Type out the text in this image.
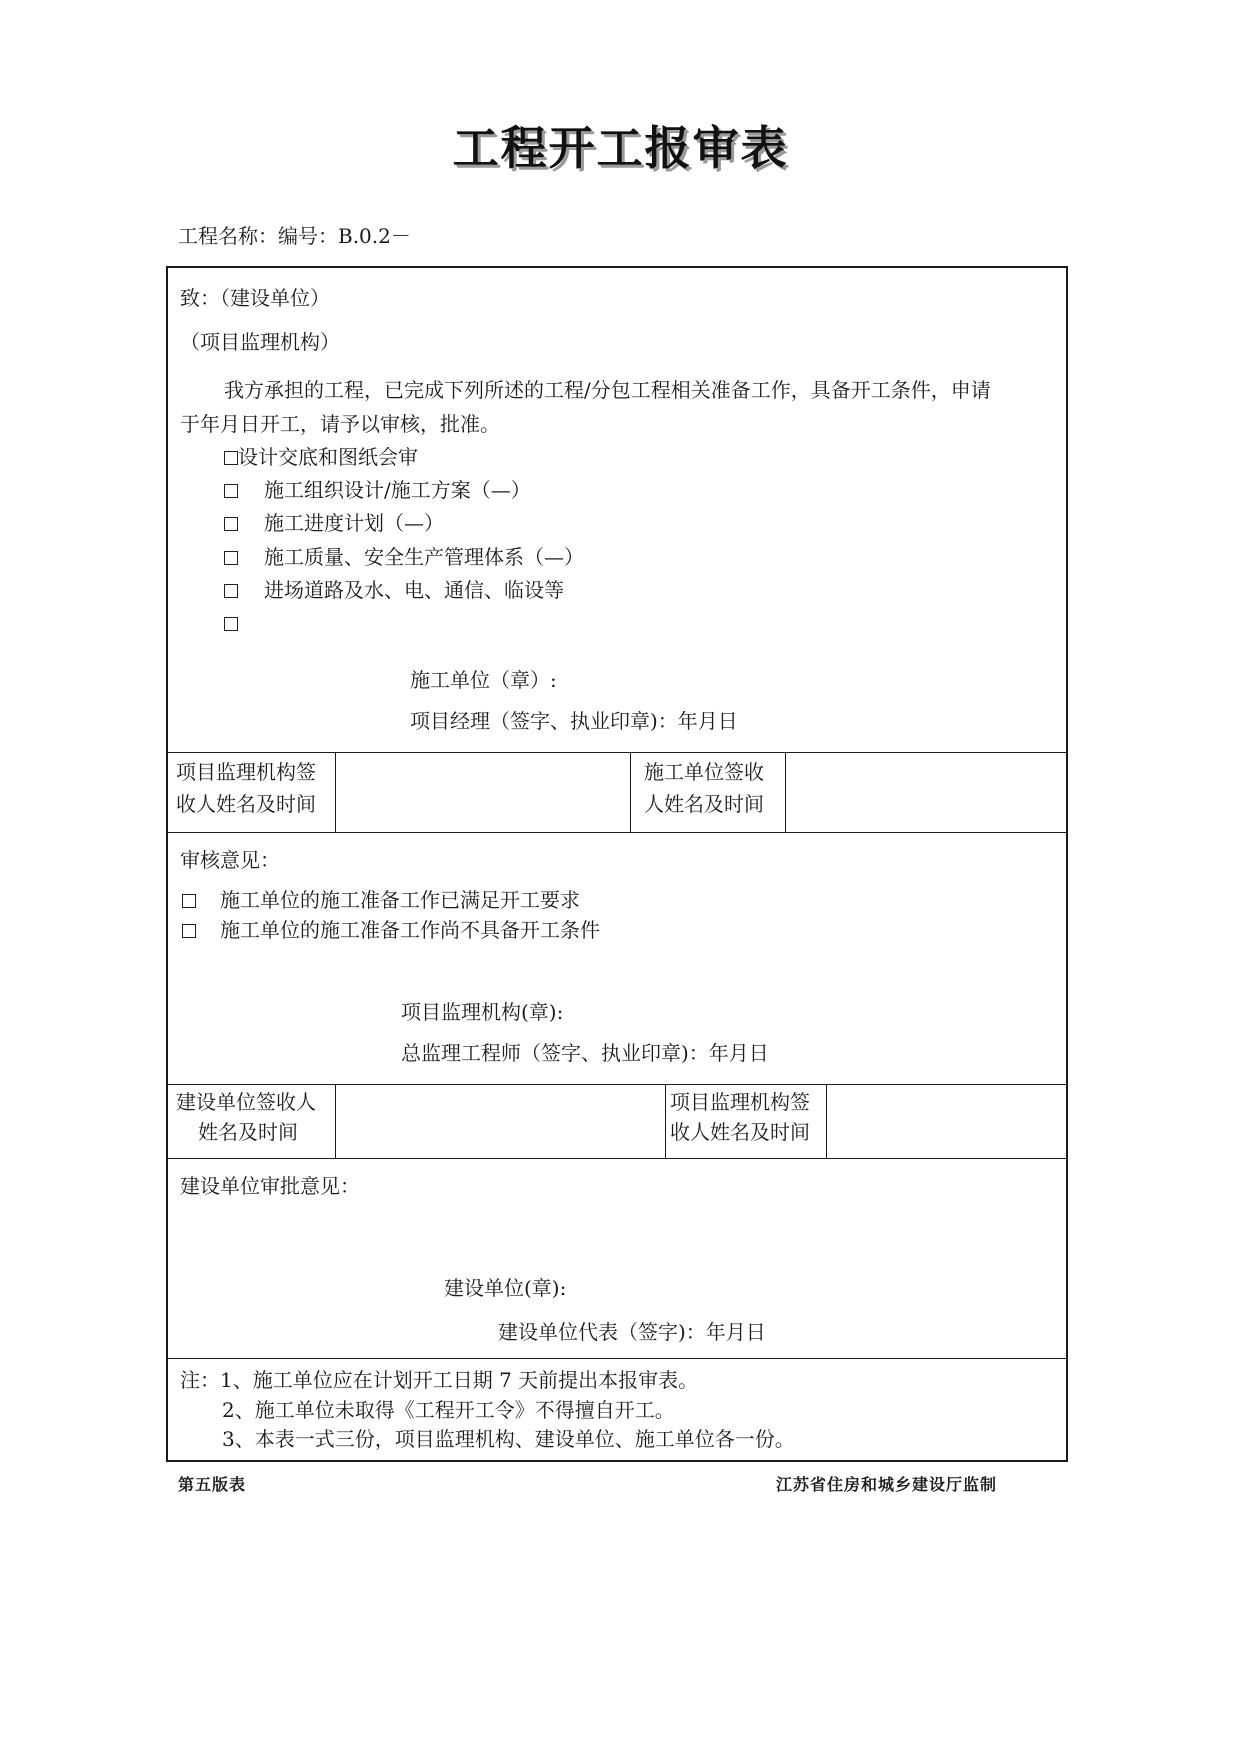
工程开工报审表
工程名称：编号：B.0.2－
致：（建设单位）
（项目监理机构）
我方承担的工程，已完成下列所述的工程/分包工程相关准备工作，具备开工条件，申请
于年月日开工，请予以审核，批准。
设计交底和图纸会审
施工组织设计/施工方案（—）
施工进度计划（—）
施工质量、安全生产管理体系（—）
进场道路及水、电、通信、临设等
施工单位（章）:
项目经理（签字、执业印章)：年月日
项目监理机构签
收人姓名及时间
施工单位签收
人姓名及时间
审核意见：
施工单位的施工准备工作已满足开工要求
施工单位的施工准备工作尚不具备开工条件
项目监理机构(章):
总监理工程师（签字、执业印章)：年月日
建设单位签收人
姓名及时间
项目监理机构签
收人姓名及时间
建设单位审批意见：
建设单位(章):
建设单位代表（签字)：年月日
注：1、施工单位应在计划开工日期 7 天前提出本报审表。
2、施工单位未取得《工程开工令》不得擅自开工。
3、本表一式三份，项目监理机构、建设单位、施工单位各一份。
第五版表	江苏省住房和城乡建设厅监制
